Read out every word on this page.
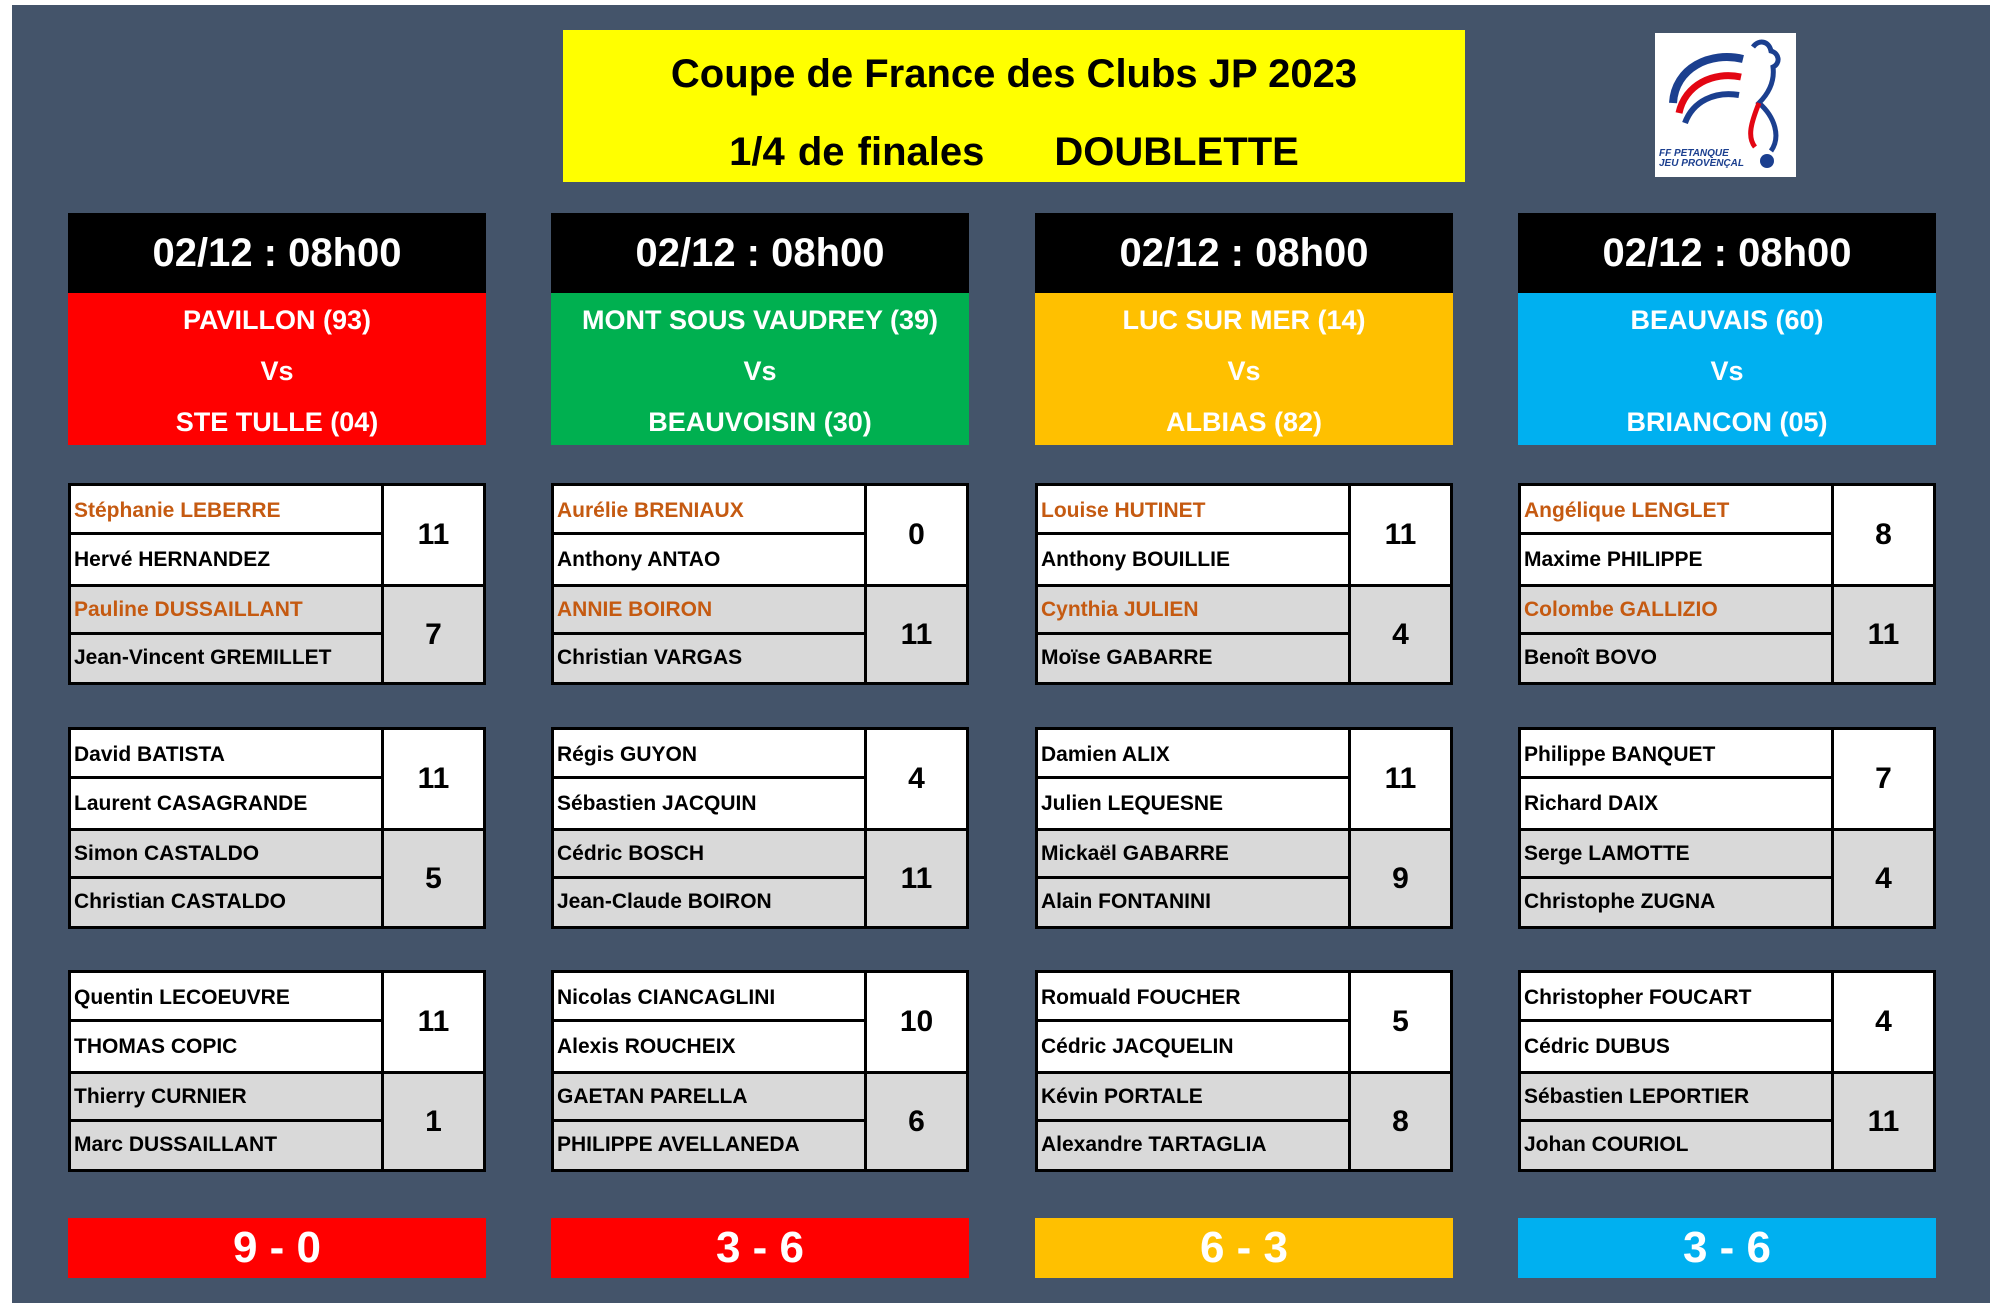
Coupe de France des Clubs JP 2023
1/4 de finales DOUBLETTE	FF PETANQUE
JEU PROVENÇAL
02/12 : 08h00
PAVILLON (93)
Vs
STE TULLE (04)
Stéphanie LEBERRE
Hervé HERNANDEZ
11
Pauline DUSSAILLANT
Jean-Vincent GREMILLET
7
David BATISTA
Laurent CASAGRANDE
11
Simon CASTALDO
Christian CASTALDO
5
Quentin LECOEUVRE
THOMAS COPIC
11
Thierry CURNIER
Marc DUSSAILLANT
1
02/12 : 08h00
MONT SOUS VAUDREY (39)
Vs
BEAUVOISIN (30)
Aurélie BRENIAUX
Anthony ANTAO
0
ANNIE BOIRON
Christian VARGAS
11
Régis GUYON
Sébastien JACQUIN
4
Cédric BOSCH
Jean-Claude BOIRON
11
Nicolas CIANCAGLINI
Alexis ROUCHEIX
10
GAETAN PARELLA
PHILIPPE AVELLANEDA
6
02/12 : 08h00
LUC SUR MER (14)
Vs
ALBIAS (82)
Louise HUTINET
Anthony BOUILLIE
11
Cynthia JULIEN
Moïse GABARRE
4
Damien ALIX
Julien LEQUESNE
11
Mickaël GABARRE
Alain FONTANINI
9
Romuald FOUCHER
Cédric JACQUELIN
5
Kévin PORTALE
Alexandre TARTAGLIA
8
02/12 : 08h00
BEAUVAIS (60)
Vs
BRIANCON (05)
Angélique LENGLET
Maxime PHILIPPE
8
Colombe GALLIZIO
Benoît BOVO
11
Philippe BANQUET
Richard DAIX
7
Serge LAMOTTE
Christophe ZUGNA
4
Christopher FOUCART
Cédric DUBUS
4
Sébastien LEPORTIER
Johan COURIOL
11
9 - 0	3 - 6	6 - 3	3 - 6
